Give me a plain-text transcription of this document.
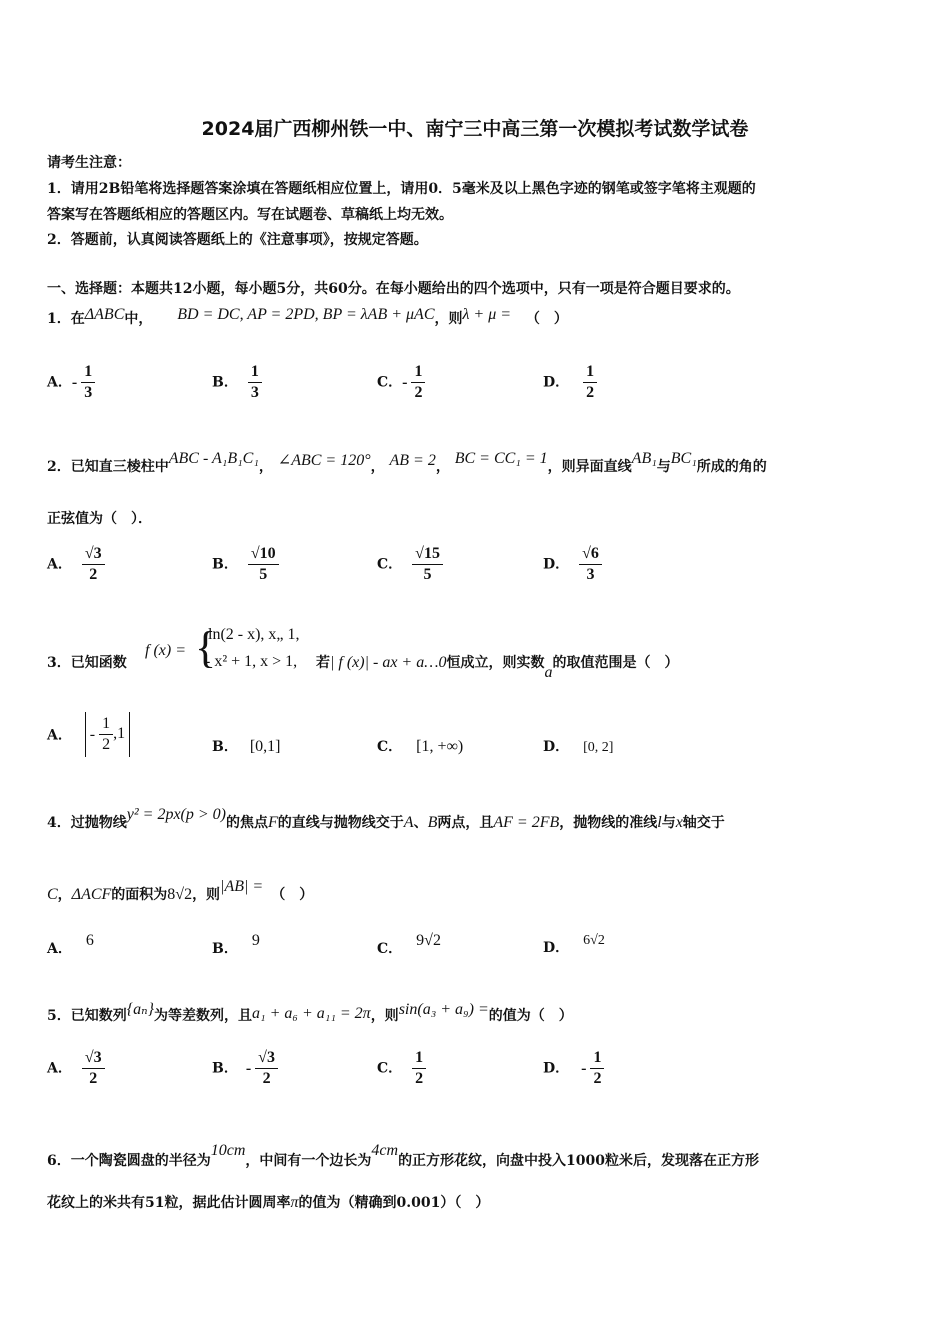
2024届广西柳州铁一中、南宁三中高三第一次模拟考试数学试卷
请考生注意：
1．请用2B铅笔将选择题答案涂填在答题纸相应位置上，请用0．5毫米及以上黑色字迹的钢笔或签字笔将主观题的
答案写在答题纸相应的答题区内。写在试题卷、草稿纸上均无效。
2．答题前，认真阅读答题纸上的《注意事项》，按规定答题。
一、选择题：本题共12小题，每小题5分，共60分。在每小题给出的四个选项中，只有一项是符合题目要求的。
1．在ΔABC中， BD = DC, AP = 2PD, BP = λAB + μAC，则λ + μ = （　）
A．- $\frac{1}{3}$	B． $\frac{1}{3}$	C．- $\frac{1}{2}$	D． $\frac{1}{2}$
2．已知直三棱柱中ABC - A₁B₁C₁， ∠ABC = 120°， AB = 2， BC = CC₁ = 1，则异面直线AB₁与BC₁所成的角的
正弦值为（　）．
A． $\frac{√3}{2}$	B． $\frac{√10}{5}$	C． $\frac{√15}{5}$	D． $\frac{√6}{3}$
3．已知函数
f (x) = {
ln(2 - x), x„ 1,
- x² + 1, x > 1, 若| f (x)| - ax + a…0恒成立，则实数a的取值范围是（　）
A． - $\frac{1}{2} ,1$
B． [0,1]	C． [1, +∞)	D． [0, 2]
4．过抛物线y² = 2px(p > 0)的焦点F的直线与抛物线交于A、B两点，且AF = 2FB，抛物线的准线l与x轴交于
C，ΔACF的面积为8√2，则|AB| = （　）
A． 6	B． 9	C． 9√2	D． 6√2
5．已知数列{aₙ}为等差数列，且a₁ + a₆ + a₁₁ = 2π，则sin(a₃ + a₉) =的值为（　）
A． $\frac{√3}{2}$	B． - $\frac{√3}{2}$	C． $\frac{1}{2}$	D． - $\frac{1}{2}$
6．一个陶瓷圆盘的半径为10cm，中间有一个边长为4cm的正方形花纹，向盘中投入1000粒米后，发现落在正方形
花纹上的米共有51粒，据此估计圆周率π的值为（精确到0.001）（　）
